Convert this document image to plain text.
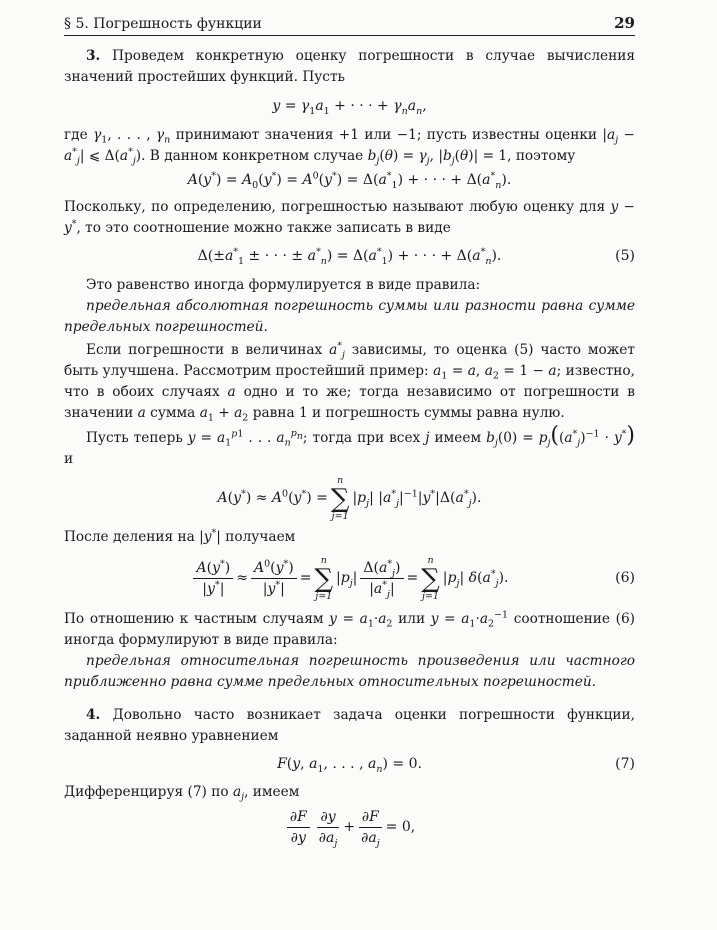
§ 5. Погрешность функции	29

3. Проведем конкретную оценку погрешности в случае вычисления значений простейших функций. Пусть

$y = \gamma_1a_1$ + · · · + $\gamma_na_n$,

где $\gamma_1$, . . . , $\gamma_n$ принимают значения +1 или −1; пусть известны оценки $|a_j - a^*_j|$ ⩽ $\Delta(a^*_j)$. В данном конкретном случае $b_j(\theta) = \gamma_j$, $|b_j(\theta)| = 1$, поэтому

$A(y^*) = A_0(y^*) = A^0(y^*) = \Delta(a^*_1)$ + · · · + $\Delta(a^*_n)$.

Поскольку, по определению, погрешностью называют любую оценку для y − y*, то это соотношение можно также записать в виде

$\Delta(\pm a^*_1$ ± · · · ± $a^*_n) = \Delta(a^*_1)$ + · · · + $\Delta(a^*_n)$.	(5)

Это равенство иногда формулируется в виде правила:

предельная абсолютная погрешность суммы или разности равна сумме предельных погрешностей.

Если погрешности в величинах $a^*_j$ зависимы, то оценка (5) часто может быть улучшена. Рассмотрим простейший пример: $a_1 = a$, $a_2 = 1 - a$; известно, что в обоих случаях a одно и то же; тогда независимо от погрешности в значении a сумма $a_1 + a_2$ равна 1 и погрешность суммы равна нулю.

Пусть теперь $y = a_1^{p1}$ . . . $a_n^{p_n}$; тогда при всех j имеем $b_j(0) = p_j((a^*_j)^{-1} \cdot y^*)$ и

$A(y^*) \approx A^0(y^*)$ =
n
∑
j=1
$|p_j|$ $|a^*_j|^{-1}|y^*|\Delta(a^*_j)$.

После деления на |y*| получаем

$\frac{A(y^*)}{|y^*|} \approx \frac{A^0(y^*)}{|y^*|}$ =
n
∑
j=1
$|p_j| \frac{\Delta(a^*_j)}{|a^*_j|}$ =
n
∑
j=1
$|p_j|$ $\delta(a^*_j)$.	(6)

По отношению к частным случаям $y = a_1\cdot a_2$ или $y = a_1\cdot a_2^{-1}$ соотношение (6) иногда формулируют в виде правила:

предельная относительная погрешность произведения или частного приближенно равна сумме предельных относительных погрешностей.

4. Довольно часто возникает задача оценки погрешности функции, заданной неявно уравнением

F(y, $a_1$, . . . , $a_n) = 0$.	(7)

Дифференцируя (7) по $a_j$, имеем

$\frac{\partial F}{\partial y} \frac{\partial y}{\partial a_j} + \frac{\partial F}{\partial a_j} = 0$,
